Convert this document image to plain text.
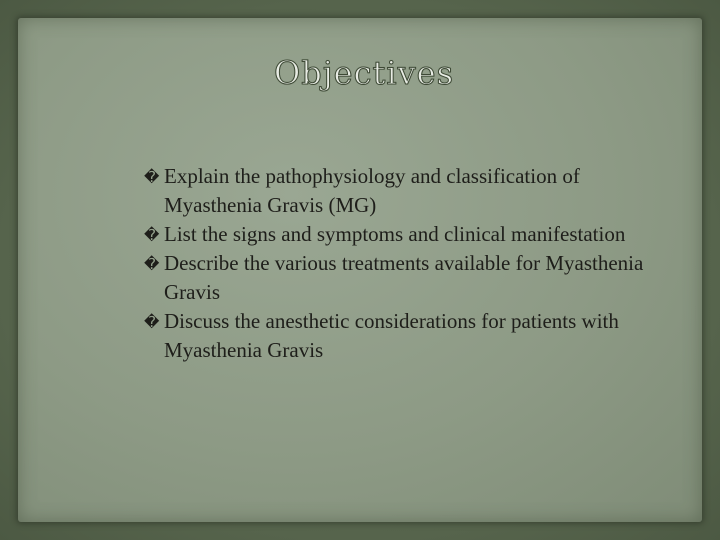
Objectives
� Explain the pathophysiology and classification of Myasthenia Gravis (MG)
� List the signs and symptoms and clinical manifestation
� Describe the various treatments available for Myasthenia Gravis
� Discuss the anesthetic considerations for patients with Myasthenia Gravis
